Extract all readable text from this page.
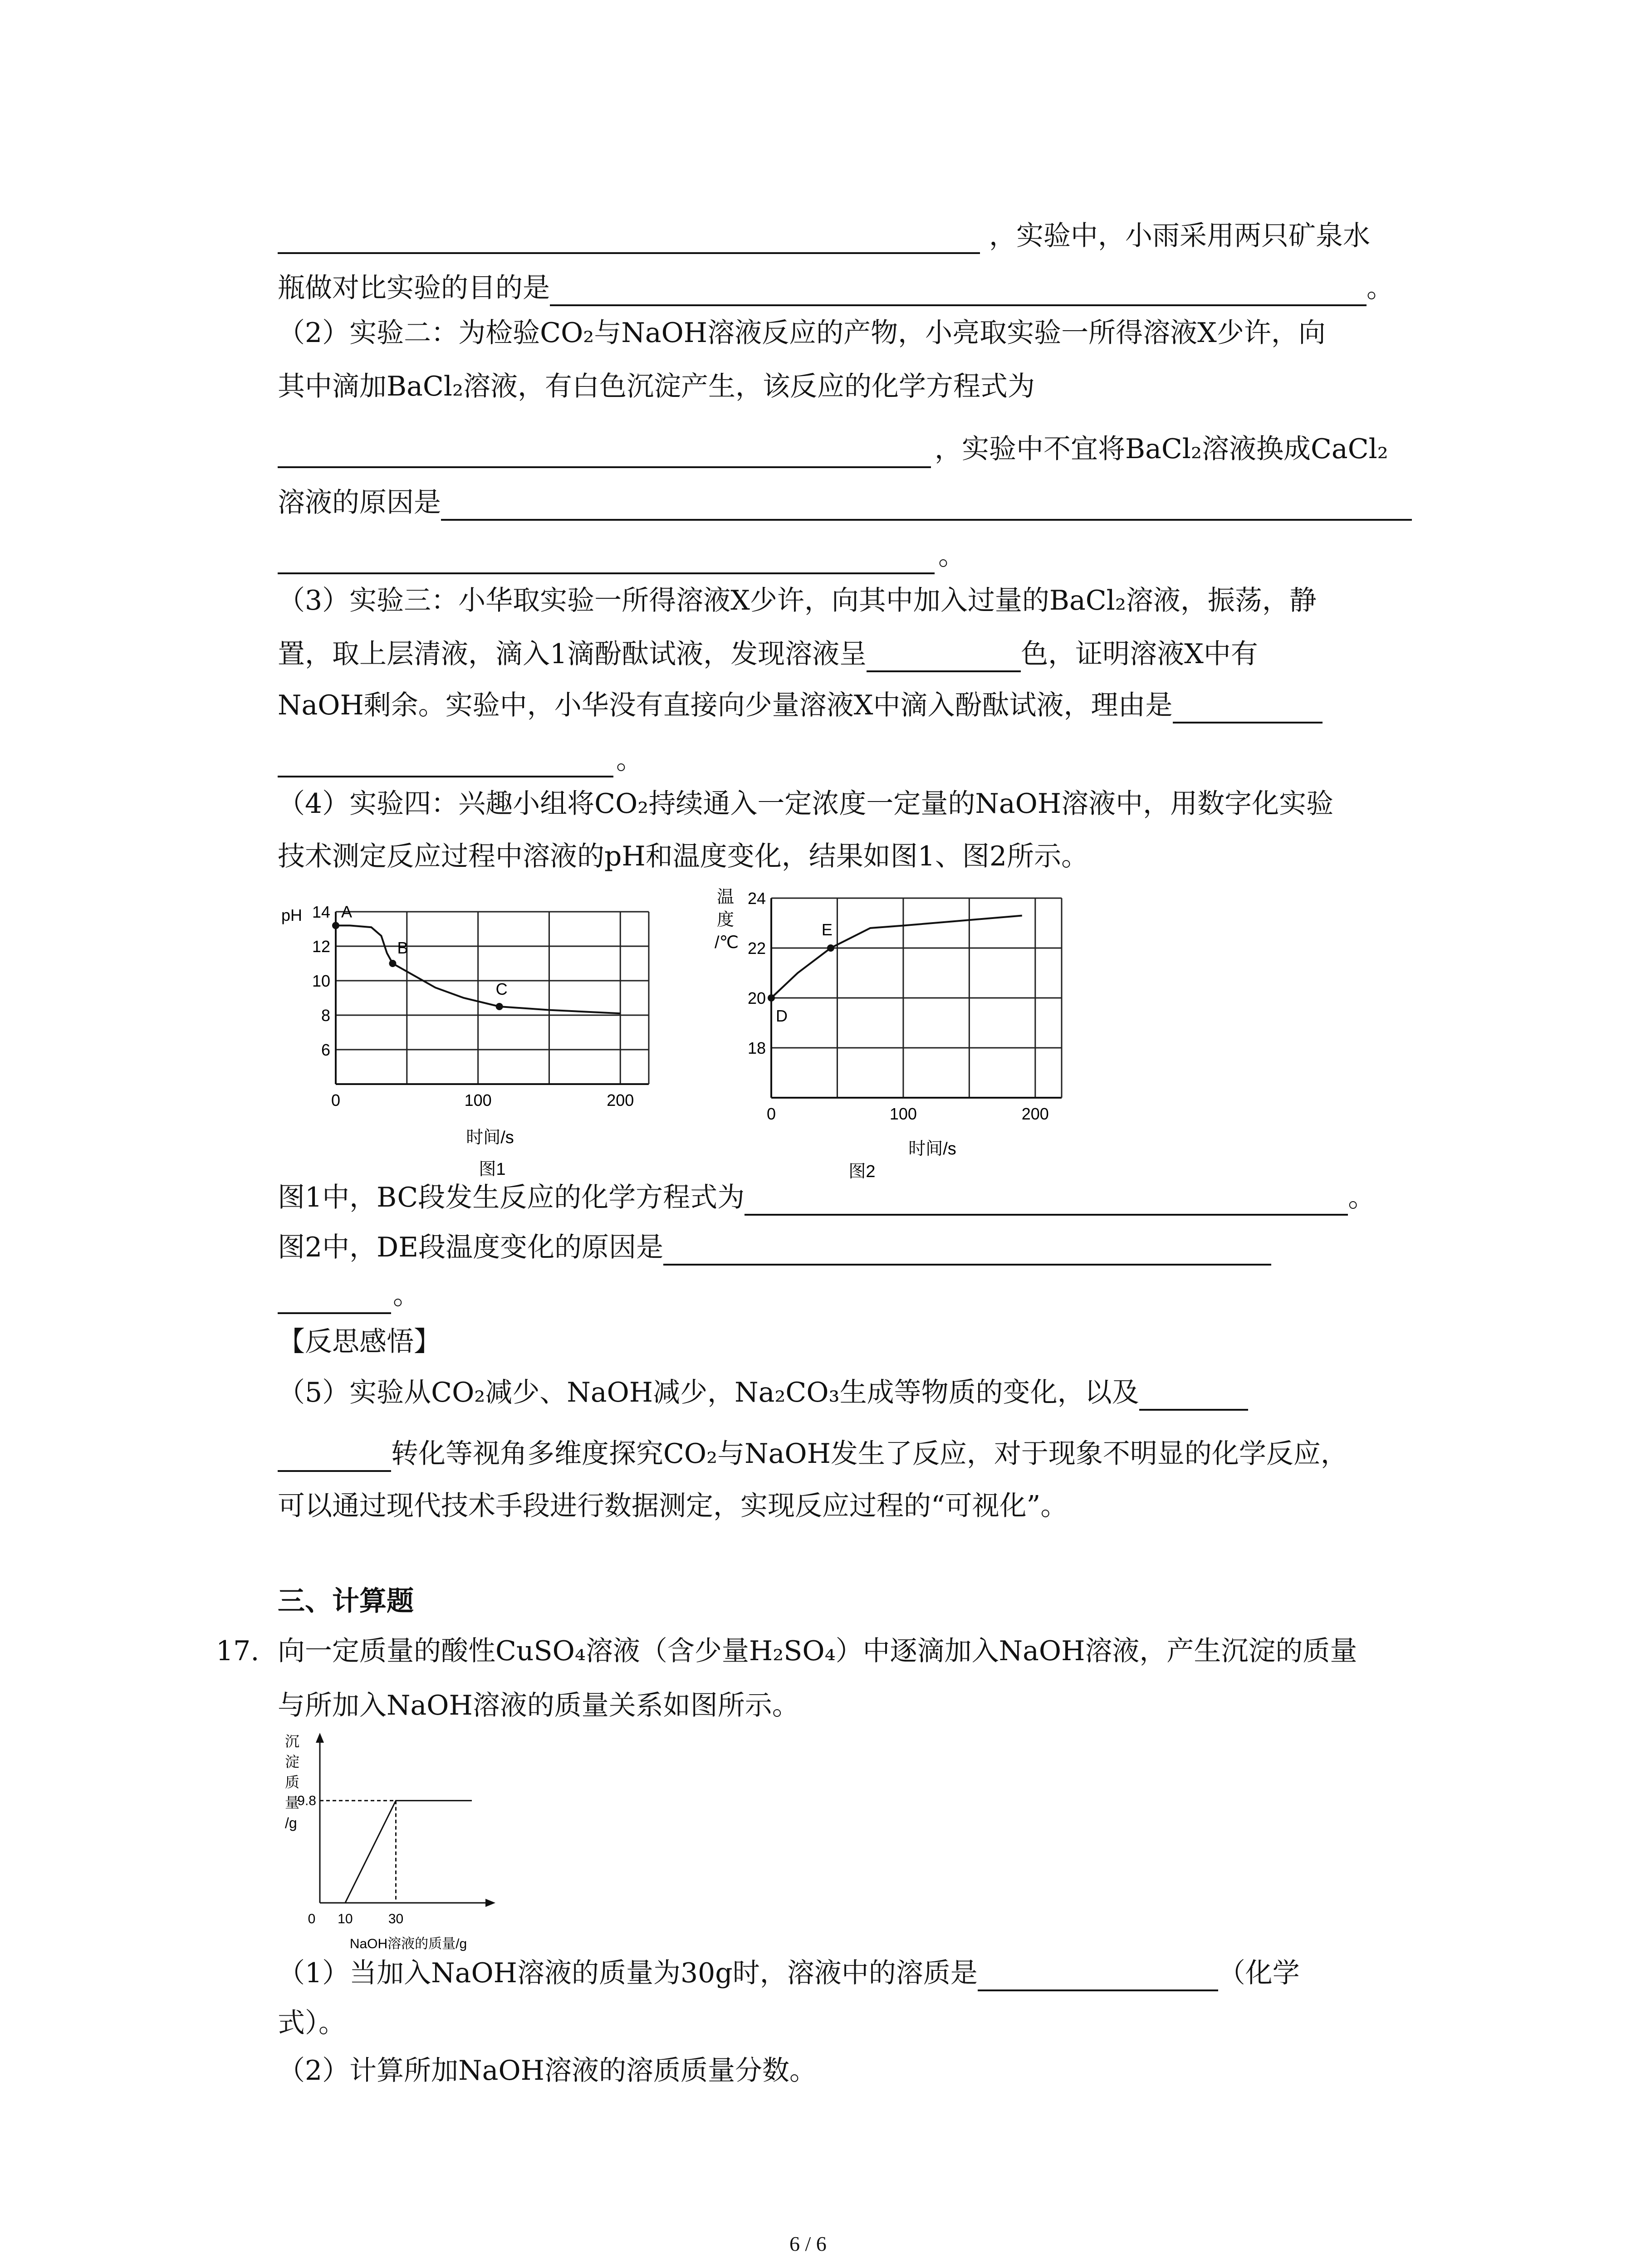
，实验中，小雨采用两只矿泉水
瓶做对比实验的目的是	。
（2）实验二：为检验CO₂与NaOH溶液反应的产物，小亮取实验一所得溶液X少许，向
其中滴加BaCl₂溶液，有白色沉淀产生，该反应的化学方程式为
，实验中不宜将BaCl₂溶液换成CaCl₂
溶液的原因是
。
（3）实验三：小华取实验一所得溶液X少许，向其中加入过量的BaCl₂溶液，振荡，静
置，取上层清液，滴入1滴酚酞试液，发现溶液呈	色，证明溶液X中有
NaOH剩余。实验中，小华没有直接向少量溶液X中滴入酚酞试液，理由是
。
（4）实验四：兴趣小组将CO₂持续通入一定浓度一定量的NaOH溶液中，用数字化实验
技术测定反应过程中溶液的pH和温度变化，结果如图1、图2所示。
6
8
10
12
14
0	100	200
pH A
B
C
时间/s
图1
18
20
22
24
0	100	200
温
度
/℃
D
E
时间/s
图2
图1中，BC段发生反应的化学方程式为	。
图2中，DE段温度变化的原因是
。
【反思感悟】
（5）实验从CO₂减少、NaOH减少，Na₂CO₃生成等物质的变化，以及
转化等视角多维度探究CO₂与NaOH发生了反应，对于现象不明显的化学反应，
可以通过现代技术手段进行数据测定，实现反应过程的“可视化”。
三、计算题
17. 向一定质量的酸性CuSO₄溶液（含少量H₂SO₄）中逐滴加入NaOH溶液，产生沉淀的质量
与所加入NaOH溶液的质量关系如图所示。
9.8
0 10	30
沉
淀
质
量
/g
NaOH溶液的质量/g
（1）当加入NaOH溶液的质量为30g时，溶液中的溶质是	（化学
式）。
（2）计算所加NaOH溶液的溶质质量分数。
6 / 6
